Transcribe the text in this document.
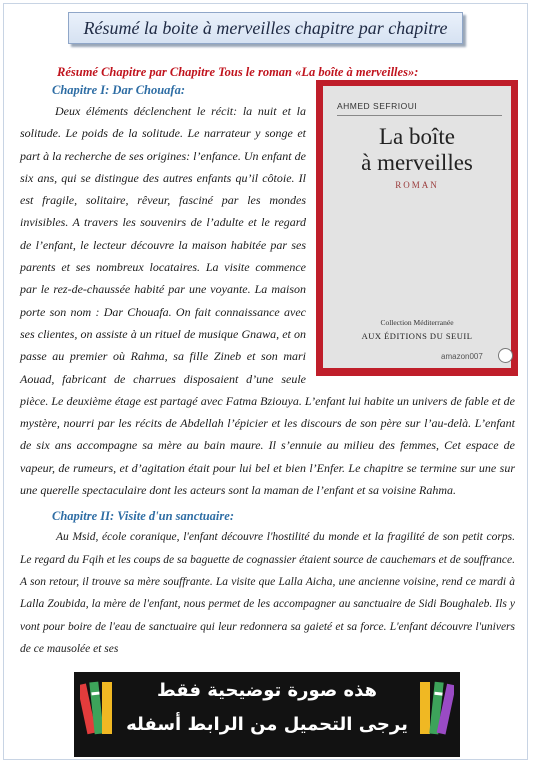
Résumé la boite à merveilles chapitre par chapitre

Résumé Chapitre par Chapitre Tous le roman «La boîte à merveilles»:

Chapitre I: Dar Chouafa:

AHMED SEFRIOUI
La boîte
à merveilles
ROMAN
Collection Méditerranée
AUX ÉDITIONS DU SEUIL
amazon007

Deux éléments déclenchent le récit: la nuit et la solitude. Le poids de la solitude. Le narrateur y songe et part à la recherche de ses origines: l’enfance. Un enfant de six ans, qui se distingue des autres enfants qu’il côtoie. Il est fragile, solitaire, rêveur, fasciné par les mondes invisibles. A travers les souvenirs de l’adulte et le regard de l’enfant, le lecteur découvre la maison habitée par ses parents et ses nombreux locataires. La visite commence par le rez-de-chaussée habité par une voyante. La maison porte son nom : Dar Chouafa. On fait connaissance avec ses clientes, on assiste à un rituel de musique Gnawa, et on passe au premier où Rahma, sa fille Zineb et son mari Aouad, fabricant de charrues disposaient d’une seule pièce. Le deuxième étage est partagé avec Fatma Bziouya. L’enfant lui habite un univers de fable et de mystère, nourri par les récits de Abdellah l’épicier et les discours de son père sur l’au-delà. L’enfant de six ans accompagne sa mère au bain maure. Il s’ennuie au milieu des femmes, Cet espace de vapeur, de rumeurs, et d’agitation était pour lui bel et bien l’Enfer. Le chapitre se termine sur une sur une querelle spectaculaire dont les acteurs sont la maman de l’enfant et sa voisine Rahma.

Chapitre II: Visite d'un sanctuaire:

Au Msid, école coranique, l'enfant découvre l'hostilité du monde et la fragilité de son petit corps. Le regard du Fqih et les coups de sa baguette de cognassier étaient source de cauchemars et de souffrance. A son retour, il trouve sa mère souffrante. La visite que Lalla Aicha, une ancienne voisine, rend ce mardi à Lalla Zoubida, la mère de l'enfant, nous permet de les accompagner au sanctuaire de Sidi Boughaleb. Ils y vont pour boire de l'eau de sanctuaire qui leur redonnera sa gaieté et sa force. L'enfant découvre l'univers de ce mausolée et ses

هذه صورة توضيحية فقط
يرجى التحميل من الرابط أسفله
